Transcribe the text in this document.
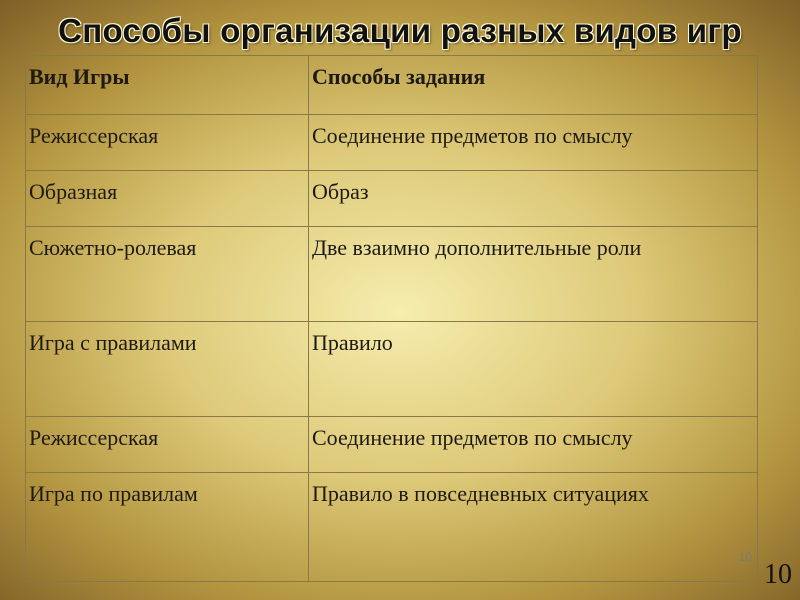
Способы организации разных видов игр
Вид Игры	Способы задания
Режиссерская	Соединение предметов по смыслу
Образная	Образ
Сюжетно-ролевая	Две взаимно дополнительные роли
Игра с правилами	Правило
Режиссерская	Соединение предметов по смыслу
Игра по правилам	Правило в повседневных ситуациях
10
10
